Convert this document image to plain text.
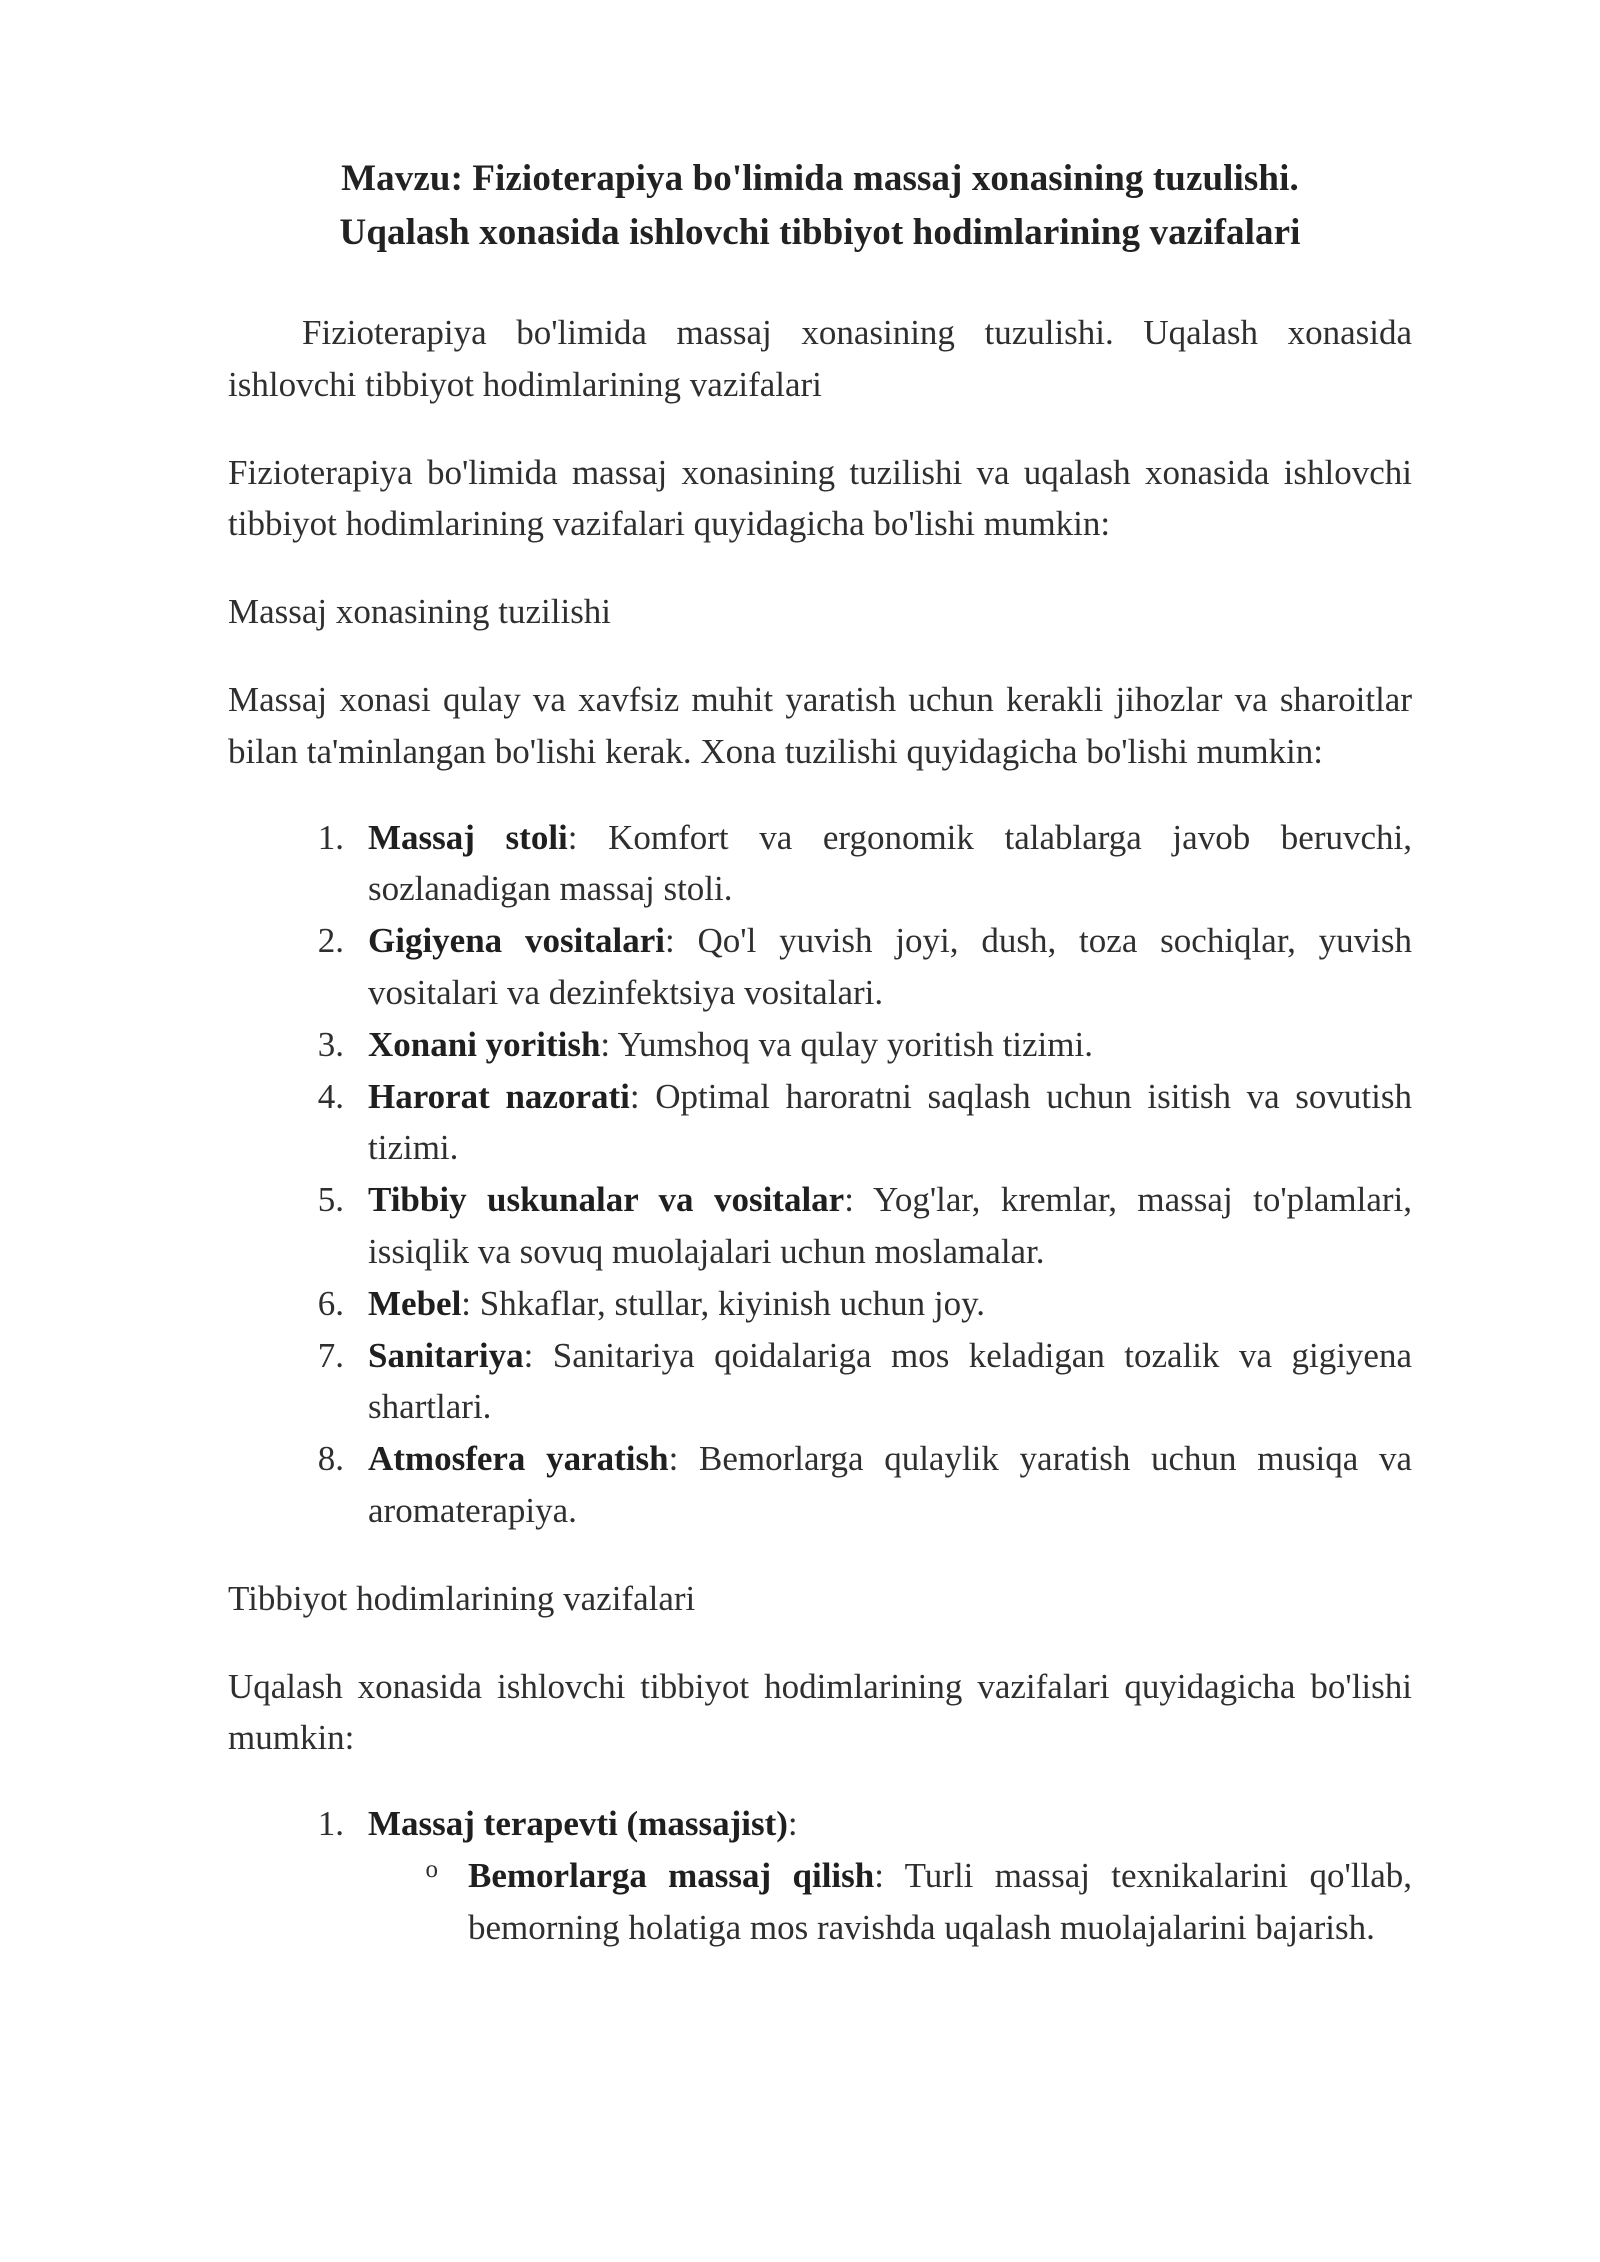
Mavzu: Fizioterapiya bo'limida massaj xonasining tuzulishi.
Uqalash xonasida ishlovchi tibbiyot hodimlarining vazifalari

Fizioterapiya bo'limida massaj xonasining tuzulishi. Uqalash xonasida ishlovchi tibbiyot hodimlarining vazifalari

Fizioterapiya bo'limida massaj xonasining tuzilishi va uqalash xonasida ishlovchi tibbiyot hodimlarining vazifalari quyidagicha bo'lishi mumkin:

Massaj xonasining tuzilishi

Massaj xonasi qulay va xavfsiz muhit yaratish uchun kerakli jihozlar va sharoitlar bilan ta'minlangan bo'lishi kerak. Xona tuzilishi quyidagicha bo'lishi mumkin:

Massaj stoli: Komfort va ergonomik talablarga javob beruvchi, sozlanadigan massaj stoli.
Gigiyena vositalari: Qo'l yuvish joyi, dush, toza sochiqlar, yuvish vositalari va dezinfektsiya vositalari.
Xonani yoritish: Yumshoq va qulay yoritish tizimi.
Harorat nazorati: Optimal haroratni saqlash uchun isitish va sovutish tizimi.
Tibbiy uskunalar va vositalar: Yog'lar, kremlar, massaj to'plamlari, issiqlik va sovuq muolajalari uchun moslamalar.
Mebel: Shkaflar, stullar, kiyinish uchun joy.
Sanitariya: Sanitariya qoidalariga mos keladigan tozalik va gigiyena shartlari.
Atmosfera yaratish: Bemorlarga qulaylik yaratish uchun musiqa va aromaterapiya.

Tibbiyot hodimlarining vazifalari

Uqalash xonasida ishlovchi tibbiyot hodimlarining vazifalari quyidagicha bo'lishi mumkin:

Massaj terapevti (massajist):
o Bemorlarga massaj qilish: Turli massaj texnikalarini qo'llab, bemorning holatiga mos ravishda uqalash muolajalarini bajarish.
